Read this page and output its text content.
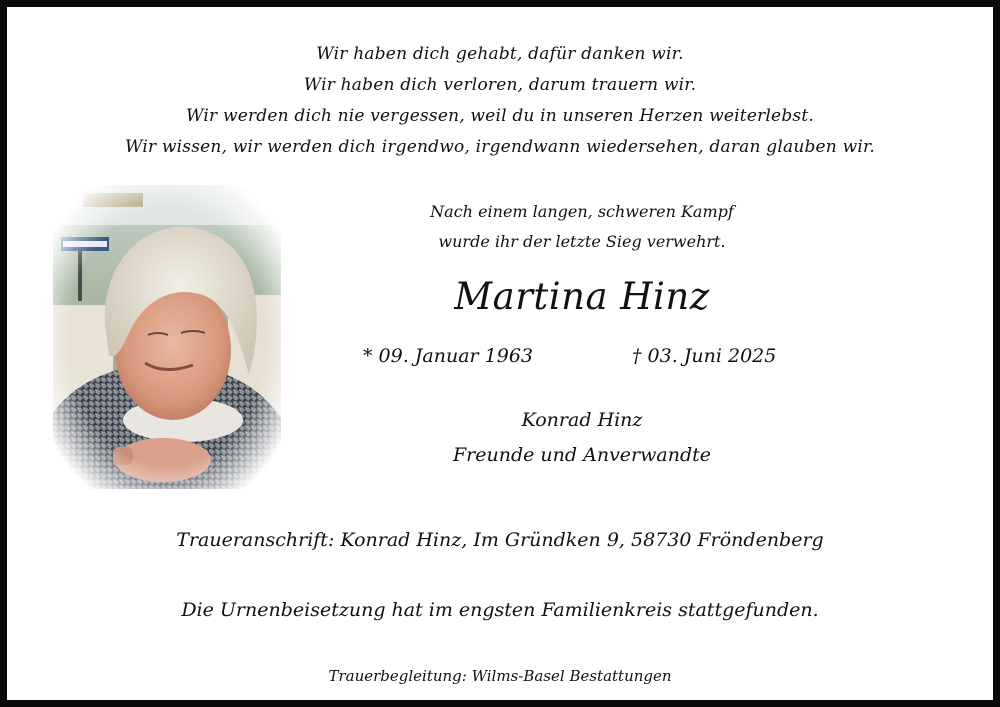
Wir haben dich gehabt, dafür danken wir.
Wir haben dich verloren, darum trauern wir.
Wir werden dich nie vergessen, weil du in unseren Herzen weiterlebst.
Wir wissen, wir werden dich irgendwo, irgendwann wiedersehen, daran glauben wir.
Nach einem langen, schweren Kampf
wurde ihr der letzte Sieg verwehrt.
Martina Hinz
* 09. Januar 1963	† 03. Juni 2025
Konrad Hinz
Freunde und Anverwandte
Traueranschrift: Konrad Hinz, Im Gründken 9, 58730 Fröndenberg
Die Urnenbeisetzung hat im engsten Familienkreis stattgefunden.
Trauerbegleitung: Wilms-Basel Bestattungen
